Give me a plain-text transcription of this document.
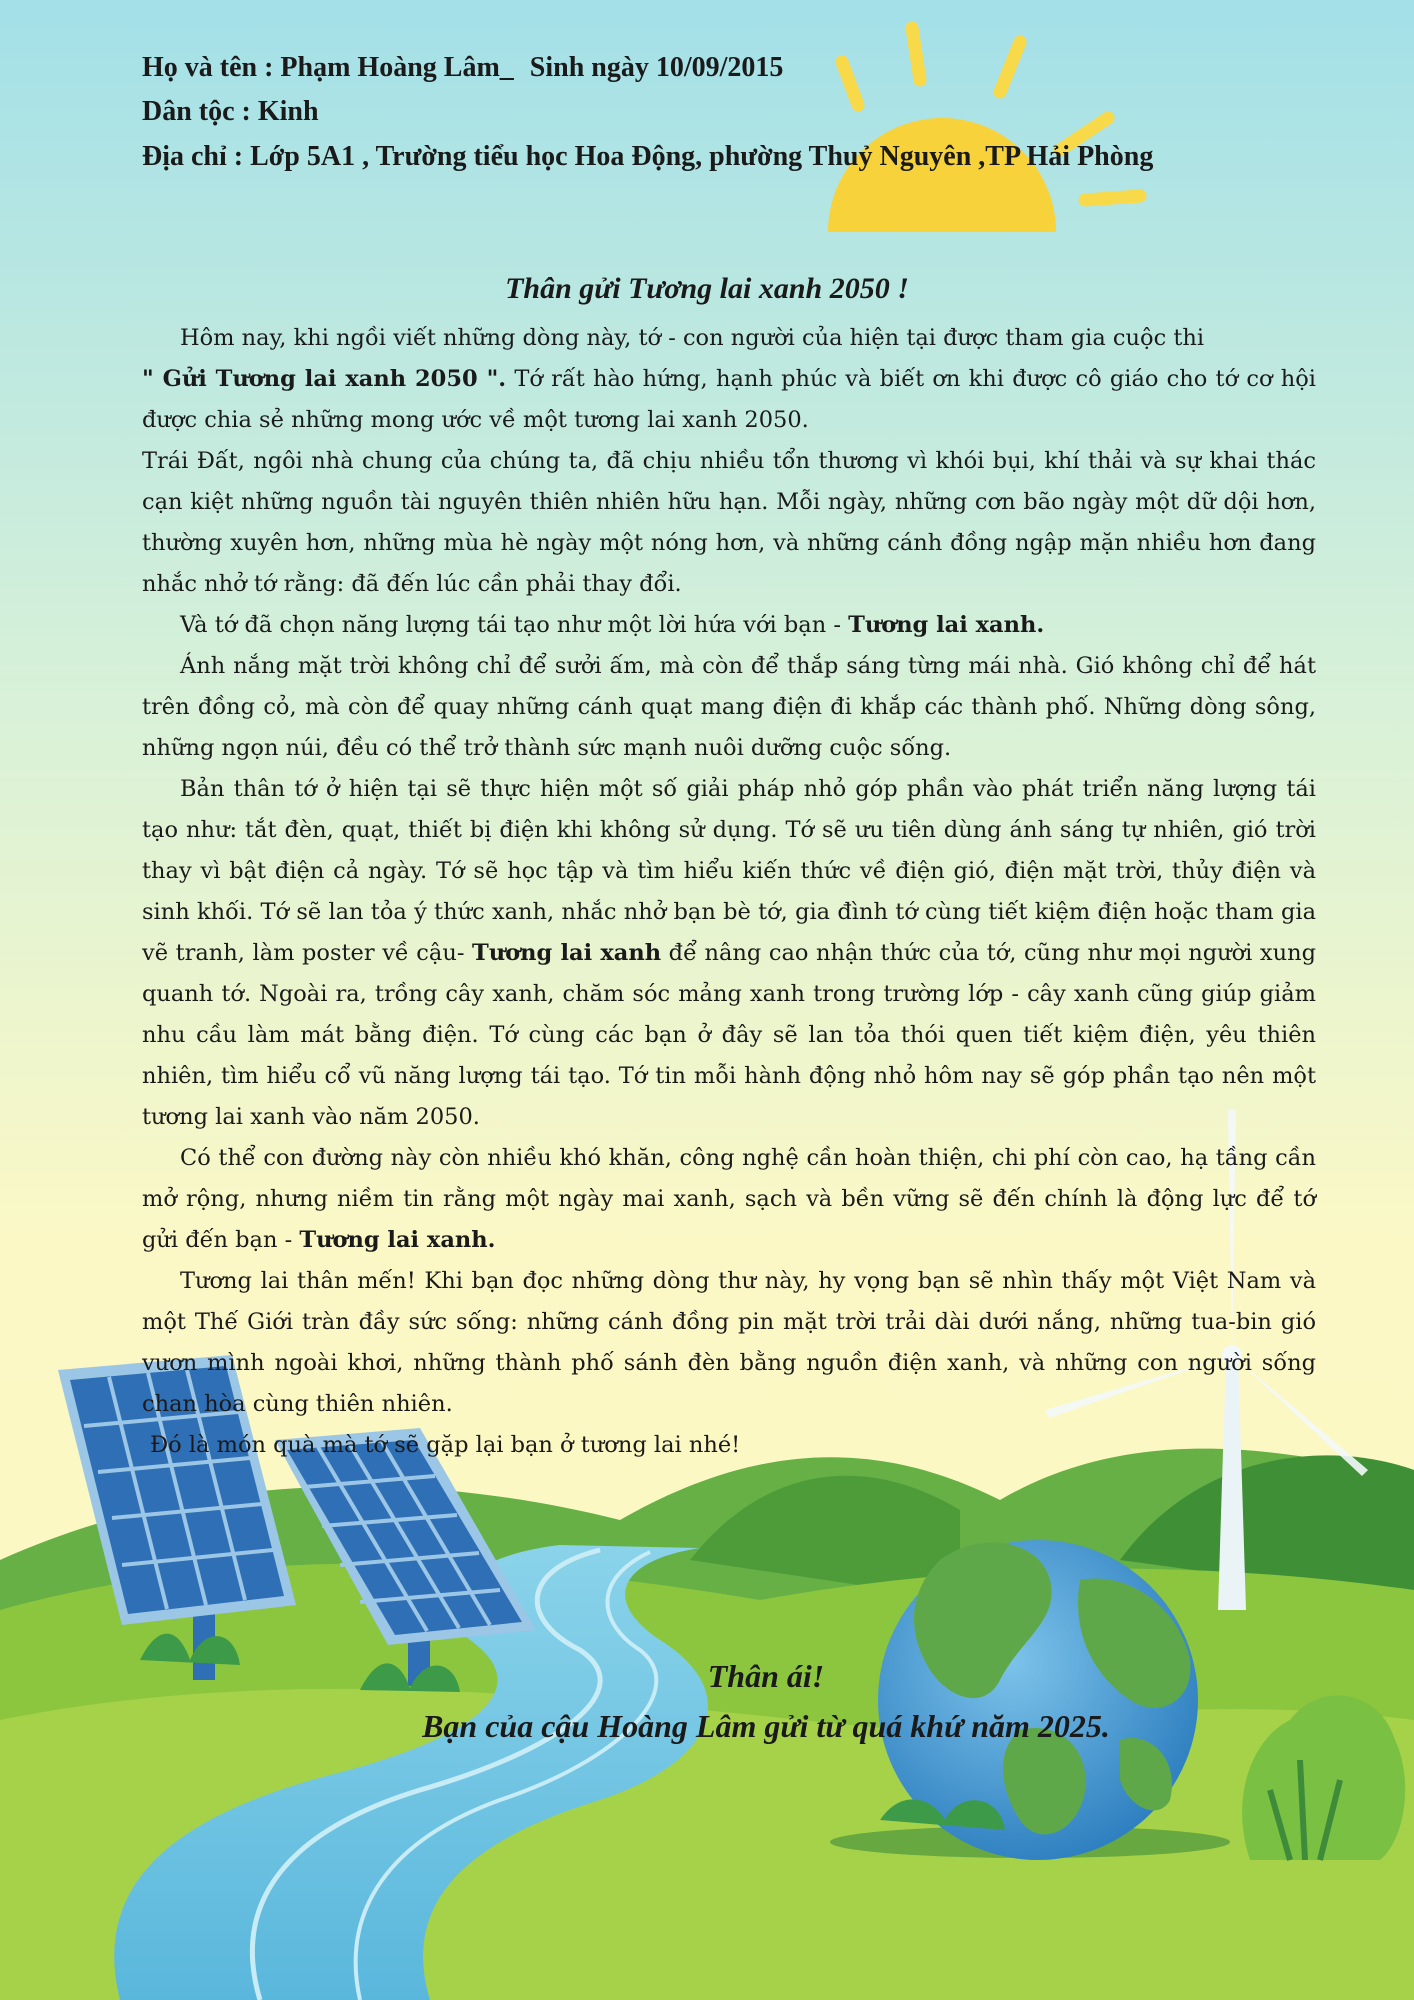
Họ và tên : Phạm Hoàng Lâm_ Sinh ngày 10/09/2015
Dân tộc : Kinh
Địa chỉ : Lớp 5A1 , Trường tiểu học Hoa Động, phường Thuỷ Nguyên ,TP Hải Phòng
Thân gửi Tương lai xanh 2050 !

Hôm nay, khi ngồi viết những dòng này, tớ - con người của hiện tại được tham gia cuộc thi
" Gửi Tương lai xanh 2050 ". Tớ rất hào hứng, hạnh phúc và biết ơn khi được cô giáo cho tớ cơ hội được chia sẻ những mong ước về một tương lai xanh 2050.

Trái Đất, ngôi nhà chung của chúng ta, đã chịu nhiều tổn thương vì khói bụi, khí thải và sự khai thác cạn kiệt những nguồn tài nguyên thiên nhiên hữu hạn. Mỗi ngày, những cơn bão ngày một dữ dội hơn, thường xuyên hơn, những mùa hè ngày một nóng hơn, và những cánh đồng ngập mặn nhiều hơn đang nhắc nhở tớ rằng: đã đến lúc cần phải thay đổi.

Và tớ đã chọn năng lượng tái tạo như một lời hứa với bạn - Tương lai xanh.

Ánh nắng mặt trời không chỉ để sưởi ấm, mà còn để thắp sáng từng mái nhà. Gió không chỉ để hát trên đồng cỏ, mà còn để quay những cánh quạt mang điện đi khắp các thành phố. Những dòng sông, những ngọn núi, đều có thể trở thành sức mạnh nuôi dưỡng cuộc sống.

Bản thân tớ ở hiện tại sẽ thực hiện một số giải pháp nhỏ góp phần vào phát triển năng lượng tái tạo như: tắt đèn, quạt, thiết bị điện khi không sử dụng. Tớ sẽ ưu tiên dùng ánh sáng tự nhiên, gió trời thay vì bật điện cả ngày. Tớ sẽ học tập và tìm hiểu kiến thức về điện gió, điện mặt trời, thủy điện và sinh khối. Tớ sẽ lan tỏa ý thức xanh, nhắc nhở bạn bè tớ, gia đình tớ cùng tiết kiệm điện hoặc tham gia vẽ tranh, làm poster về cậu- Tương lai xanh để nâng cao nhận thức của tớ, cũng như mọi người xung quanh tớ. Ngoài ra, trồng cây xanh, chăm sóc mảng xanh trong trường lớp - cây xanh cũng giúp giảm nhu cầu làm mát bằng điện. Tớ cùng các bạn ở đây sẽ lan tỏa thói quen tiết kiệm điện, yêu thiên nhiên, tìm hiểu cổ vũ năng lượng tái tạo. Tớ tin mỗi hành động nhỏ hôm nay sẽ góp phần tạo nên một tương lai xanh vào năm 2050.

Có thể con đường này còn nhiều khó khăn, công nghệ cần hoàn thiện, chi phí còn cao, hạ tầng cần mở rộng, nhưng niềm tin rằng một ngày mai xanh, sạch và bền vững sẽ đến chính là động lực để tớ gửi đến bạn - Tương lai xanh.

Tương lai thân mến! Khi bạn đọc những dòng thư này, hy vọng bạn sẽ nhìn thấy một Việt Nam và một Thế Giới tràn đầy sức sống: những cánh đồng pin mặt trời trải dài dưới nắng, những tua-bin gió vươn mình ngoài khơi, những thành phố sánh đèn bằng nguồn điện xanh, và những con người sống chan hòa cùng thiên nhiên.

Đó là món quà mà tớ sẽ gặp lại bạn ở tương lai nhé!

Thân ái!
Bạn của cậu Hoàng Lâm gửi từ quá khứ năm 2025.
